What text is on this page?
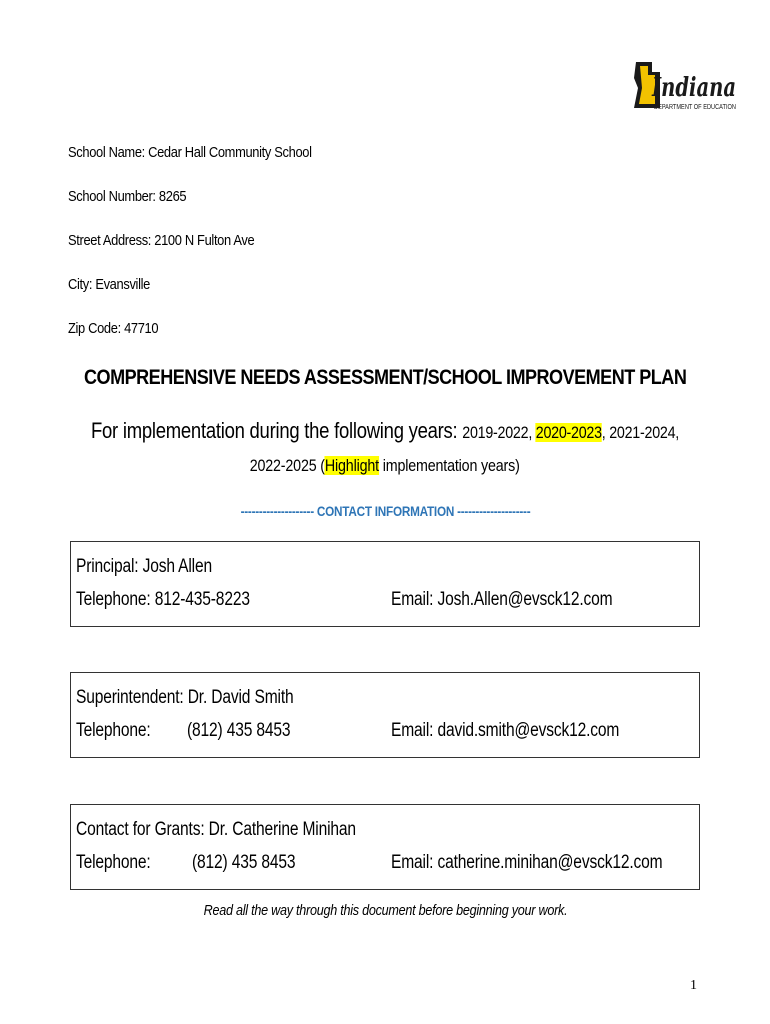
Indiana
DEPARTMENT OF EDUCATION
School Name: Cedar Hall Community School
School Number: 8265
Street Address: 2100 N Fulton Ave
City: Evansville
Zip Code: 47710
COMPREHENSIVE NEEDS ASSESSMENT/SCHOOL IMPROVEMENT PLAN
For implementation during the following years: 2019-2022, 2020-2023, 2021-2024,
2022-2025 (Highlight implementation years)
-------------------- CONTACT INFORMATION --------------------
Principal: Josh Allen
Telephone: 812-435-8223	Email: Josh.Allen@evsck12.com
Superintendent: Dr. David Smith
Telephone: (812) 435 8453	Email: david.smith@evsck12.com
Contact for Grants: Dr. Catherine Minihan
Telephone: (812) 435 8453	Email: catherine.minihan@evsck12.com
Read all the way through this document before beginning your work.
1
